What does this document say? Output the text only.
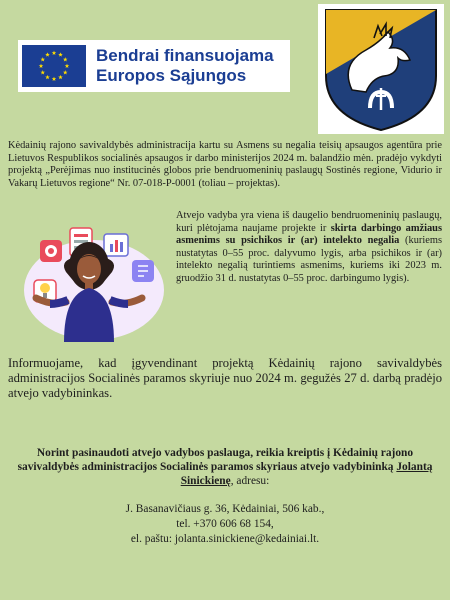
Bendrai finansuojama
Europos Sąjungos

Kėdainių rajono savivaldybės administracija kartu su Asmens su negalia teisių apsaugos agentūra prie Lietuvos Respublikos socialinės apsaugos ir darbo ministerijos 2024 m. balandžio mėn. pradėjo vykdyti projektą „Perėjimas nuo institucinės globos prie bendruomeninių paslaugų Sostinės regione, Vidurio ir Vakarų Lietuvos regione“ Nr. 07-018-P-0001 (toliau – projektas).

Atvejo vadyba yra viena iš daugelio bendruomeninių paslaugų, kuri plėtojama naujame projekte ir skirta darbingo amžiaus asmenims su psichikos ir (ar) intelekto negalia (kuriems nustatytas 0–55 proc. dalyvumo lygis, arba psichikos ir (ar) intelekto negalią turintiems asmenims, kuriems iki 2023 m. gruodžio 31 d. nustatytas 0–55 proc. darbingumo lygis).

Informuojame, kad įgyvendinant projektą Kėdainių rajono savivaldybės administracijos Socialinės paramos skyriuje nuo 2024 m. gegužės 27 d. darbą pradėjo atvejo vadybininkas.

Norint pasinaudoti atvejo vadybos paslauga, reikia kreiptis į Kėdainių rajono savivaldybės administracijos Socialinės paramos skyriaus atvejo vadybininką Jolantą Sinickienę, adresu:

J. Basanavičiaus g. 36, Kėdainiai, 506 kab.,
tel. +370 606 68 154,
el. paštu: jolanta.sinickiene@kedainiai.lt.
